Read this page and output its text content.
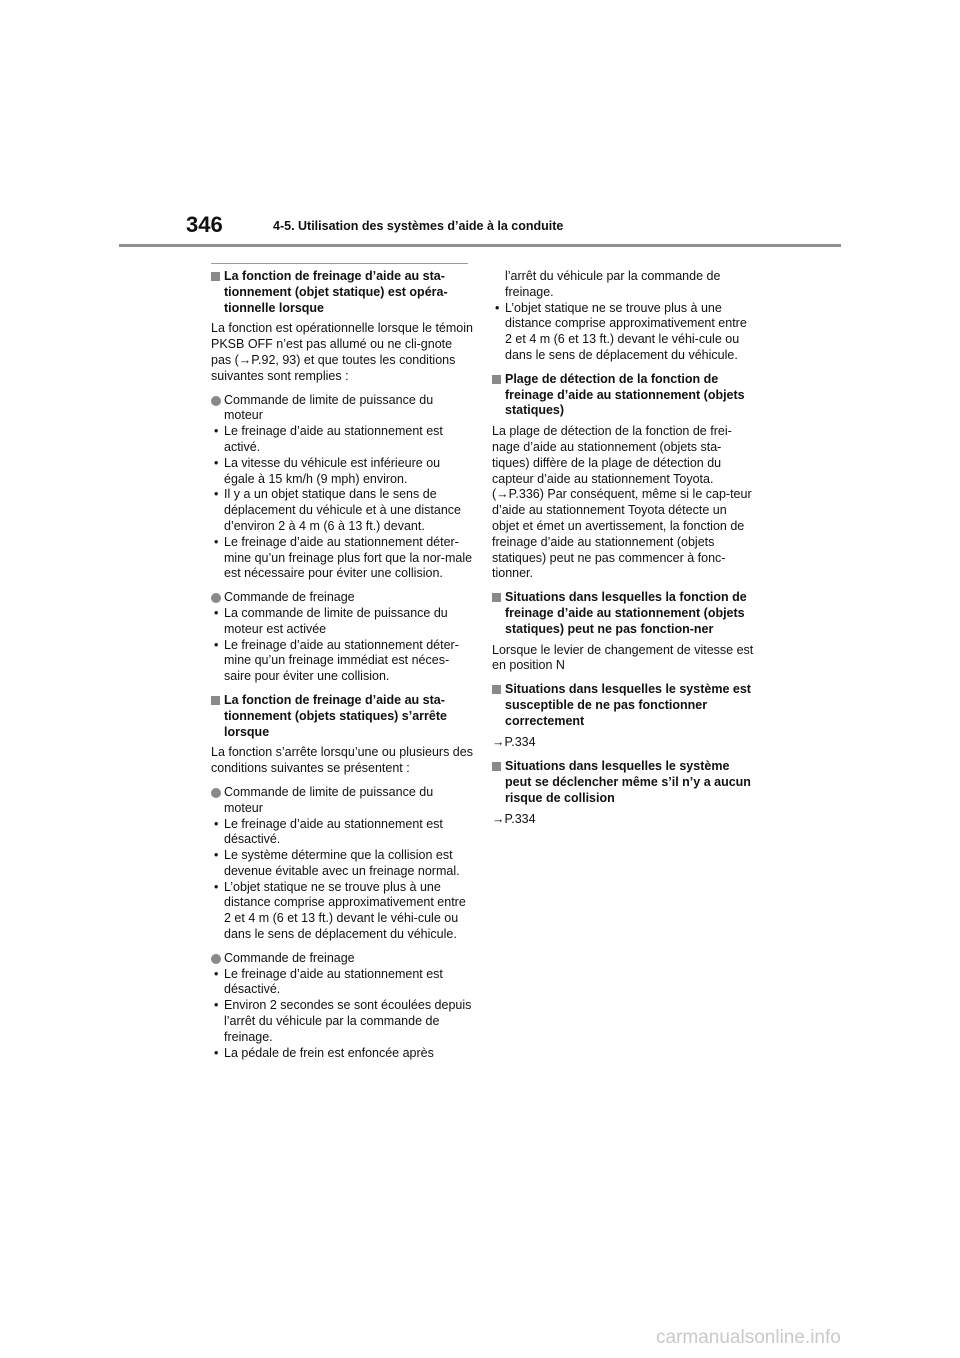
346	4-5. Utilisation des systèmes d’aide à la conduite
La fonction de freinage d’aide au sta-tionnement (objet statique) est opéra-tionnelle lorsque
La fonction est opérationnelle lorsque le témoin PKSB OFF n’est pas allumé ou ne cli-gnote pas (→P.92, 93) et que toutes les conditions suivantes sont remplies :
Commande de limite de puissance du moteur
• Le freinage d’aide au stationnement est activé.
• La vitesse du véhicule est inférieure ou égale à 15 km/h (9 mph) environ.
• Il y a un objet statique dans le sens de déplacement du véhicule et à une distance d’environ 2 à 4 m (6 à 13 ft.) devant.
• Le freinage d’aide au stationnement déter-mine qu’un freinage plus fort que la nor-male est nécessaire pour éviter une collision.
Commande de freinage
• La commande de limite de puissance du moteur est activée
• Le freinage d’aide au stationnement déter-mine qu’un freinage immédiat est néces-saire pour éviter une collision.
La fonction de freinage d’aide au sta-tionnement (objets statiques) s’arrête lorsque
La fonction s’arrête lorsqu’une ou plusieurs des conditions suivantes se présentent :
Commande de limite de puissance du moteur
• Le freinage d’aide au stationnement est désactivé.
• Le système détermine que la collision est devenue évitable avec un freinage normal.
• L’objet statique ne se trouve plus à une distance comprise approximativement entre 2 et 4 m (6 et 13 ft.) devant le véhi-cule ou dans le sens de déplacement du véhicule.
Commande de freinage
• Le freinage d’aide au stationnement est désactivé.
• Environ 2 secondes se sont écoulées depuis l’arrêt du véhicule par la commande de freinage.
• La pédale de frein est enfoncée après
l’arrêt du véhicule par la commande de freinage.
• L’objet statique ne se trouve plus à une distance comprise approximativement entre 2 et 4 m (6 et 13 ft.) devant le véhi-cule ou dans le sens de déplacement du véhicule.
Plage de détection de la fonction de freinage d’aide au stationnement (objets statiques)
La plage de détection de la fonction de frei-nage d’aide au stationnement (objets sta-tiques) diffère de la plage de détection du capteur d’aide au stationnement Toyota. (→P.336) Par conséquent, même si le cap-teur d’aide au stationnement Toyota détecte un objet et émet un avertissement, la fonction de freinage d’aide au stationnement (objets statiques) peut ne pas commencer à fonc-tionner.
Situations dans lesquelles la fonction de freinage d’aide au stationnement (objets statiques) peut ne pas fonction-ner
Lorsque le levier de changement de vitesse est en position N
Situations dans lesquelles le système est susceptible de ne pas fonctionner correctement
→P.334
Situations dans lesquelles le système peut se déclencher même s’il n’y a aucun risque de collision
→P.334
carmanualsonline.info
